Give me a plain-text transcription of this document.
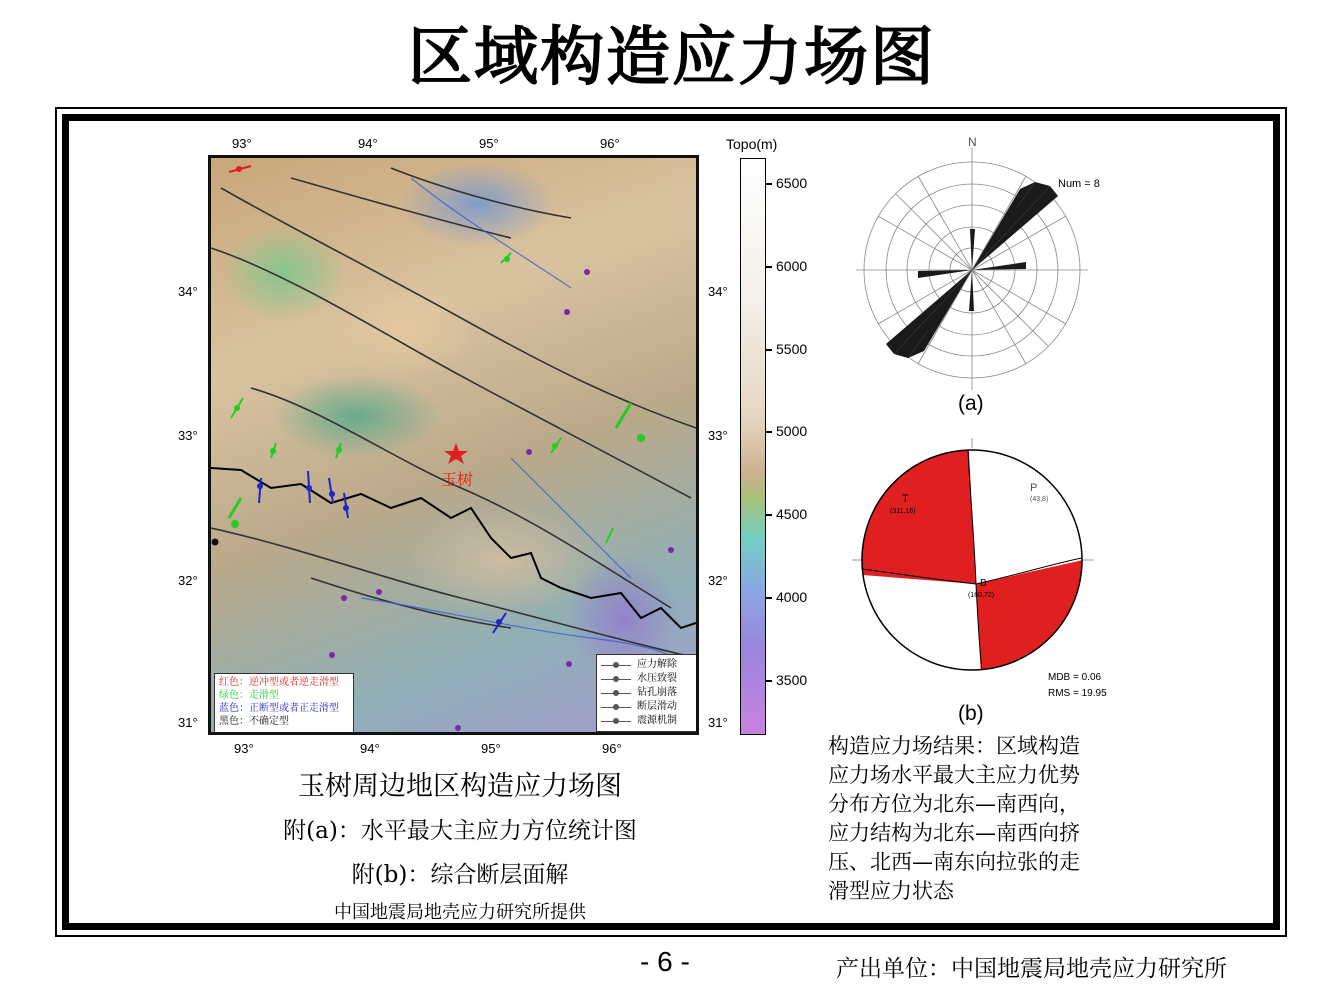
区域构造应力场图
93°	94°	95°	96°
93°	94°	95°	96°
34°
33°
32°
31°
34°
33°
32°
31°
玉树
红色：逆冲型或者逆走滑型
绿色：走滑型
蓝色：正断型或者正走滑型
黑色：不确定型
应力解除
水压致裂
钻孔崩落
断层滑动
震源机制
Topo(m)
6500
6000
5500
5000
4500
4000
3500
N
Num = 8
(a)
T
(311,16)
P
(43,8)
B
(160,72)
MDB = 0.06
RMS = 19.95
(b)
玉树周边地区构造应力场图
附(a)：水平最大主应力方位统计图
附(b)：综合断层面解
中国地震局地壳应力研究所提供
构造应力场结果：区域构造
应力场水平最大主应力优势
分布方位为北东—南西向，
应力结构为北东—南西向挤
压、北西—南东向拉张的走
滑型应力状态
- 6 -	产出单位：中国地震局地壳应力研究所
